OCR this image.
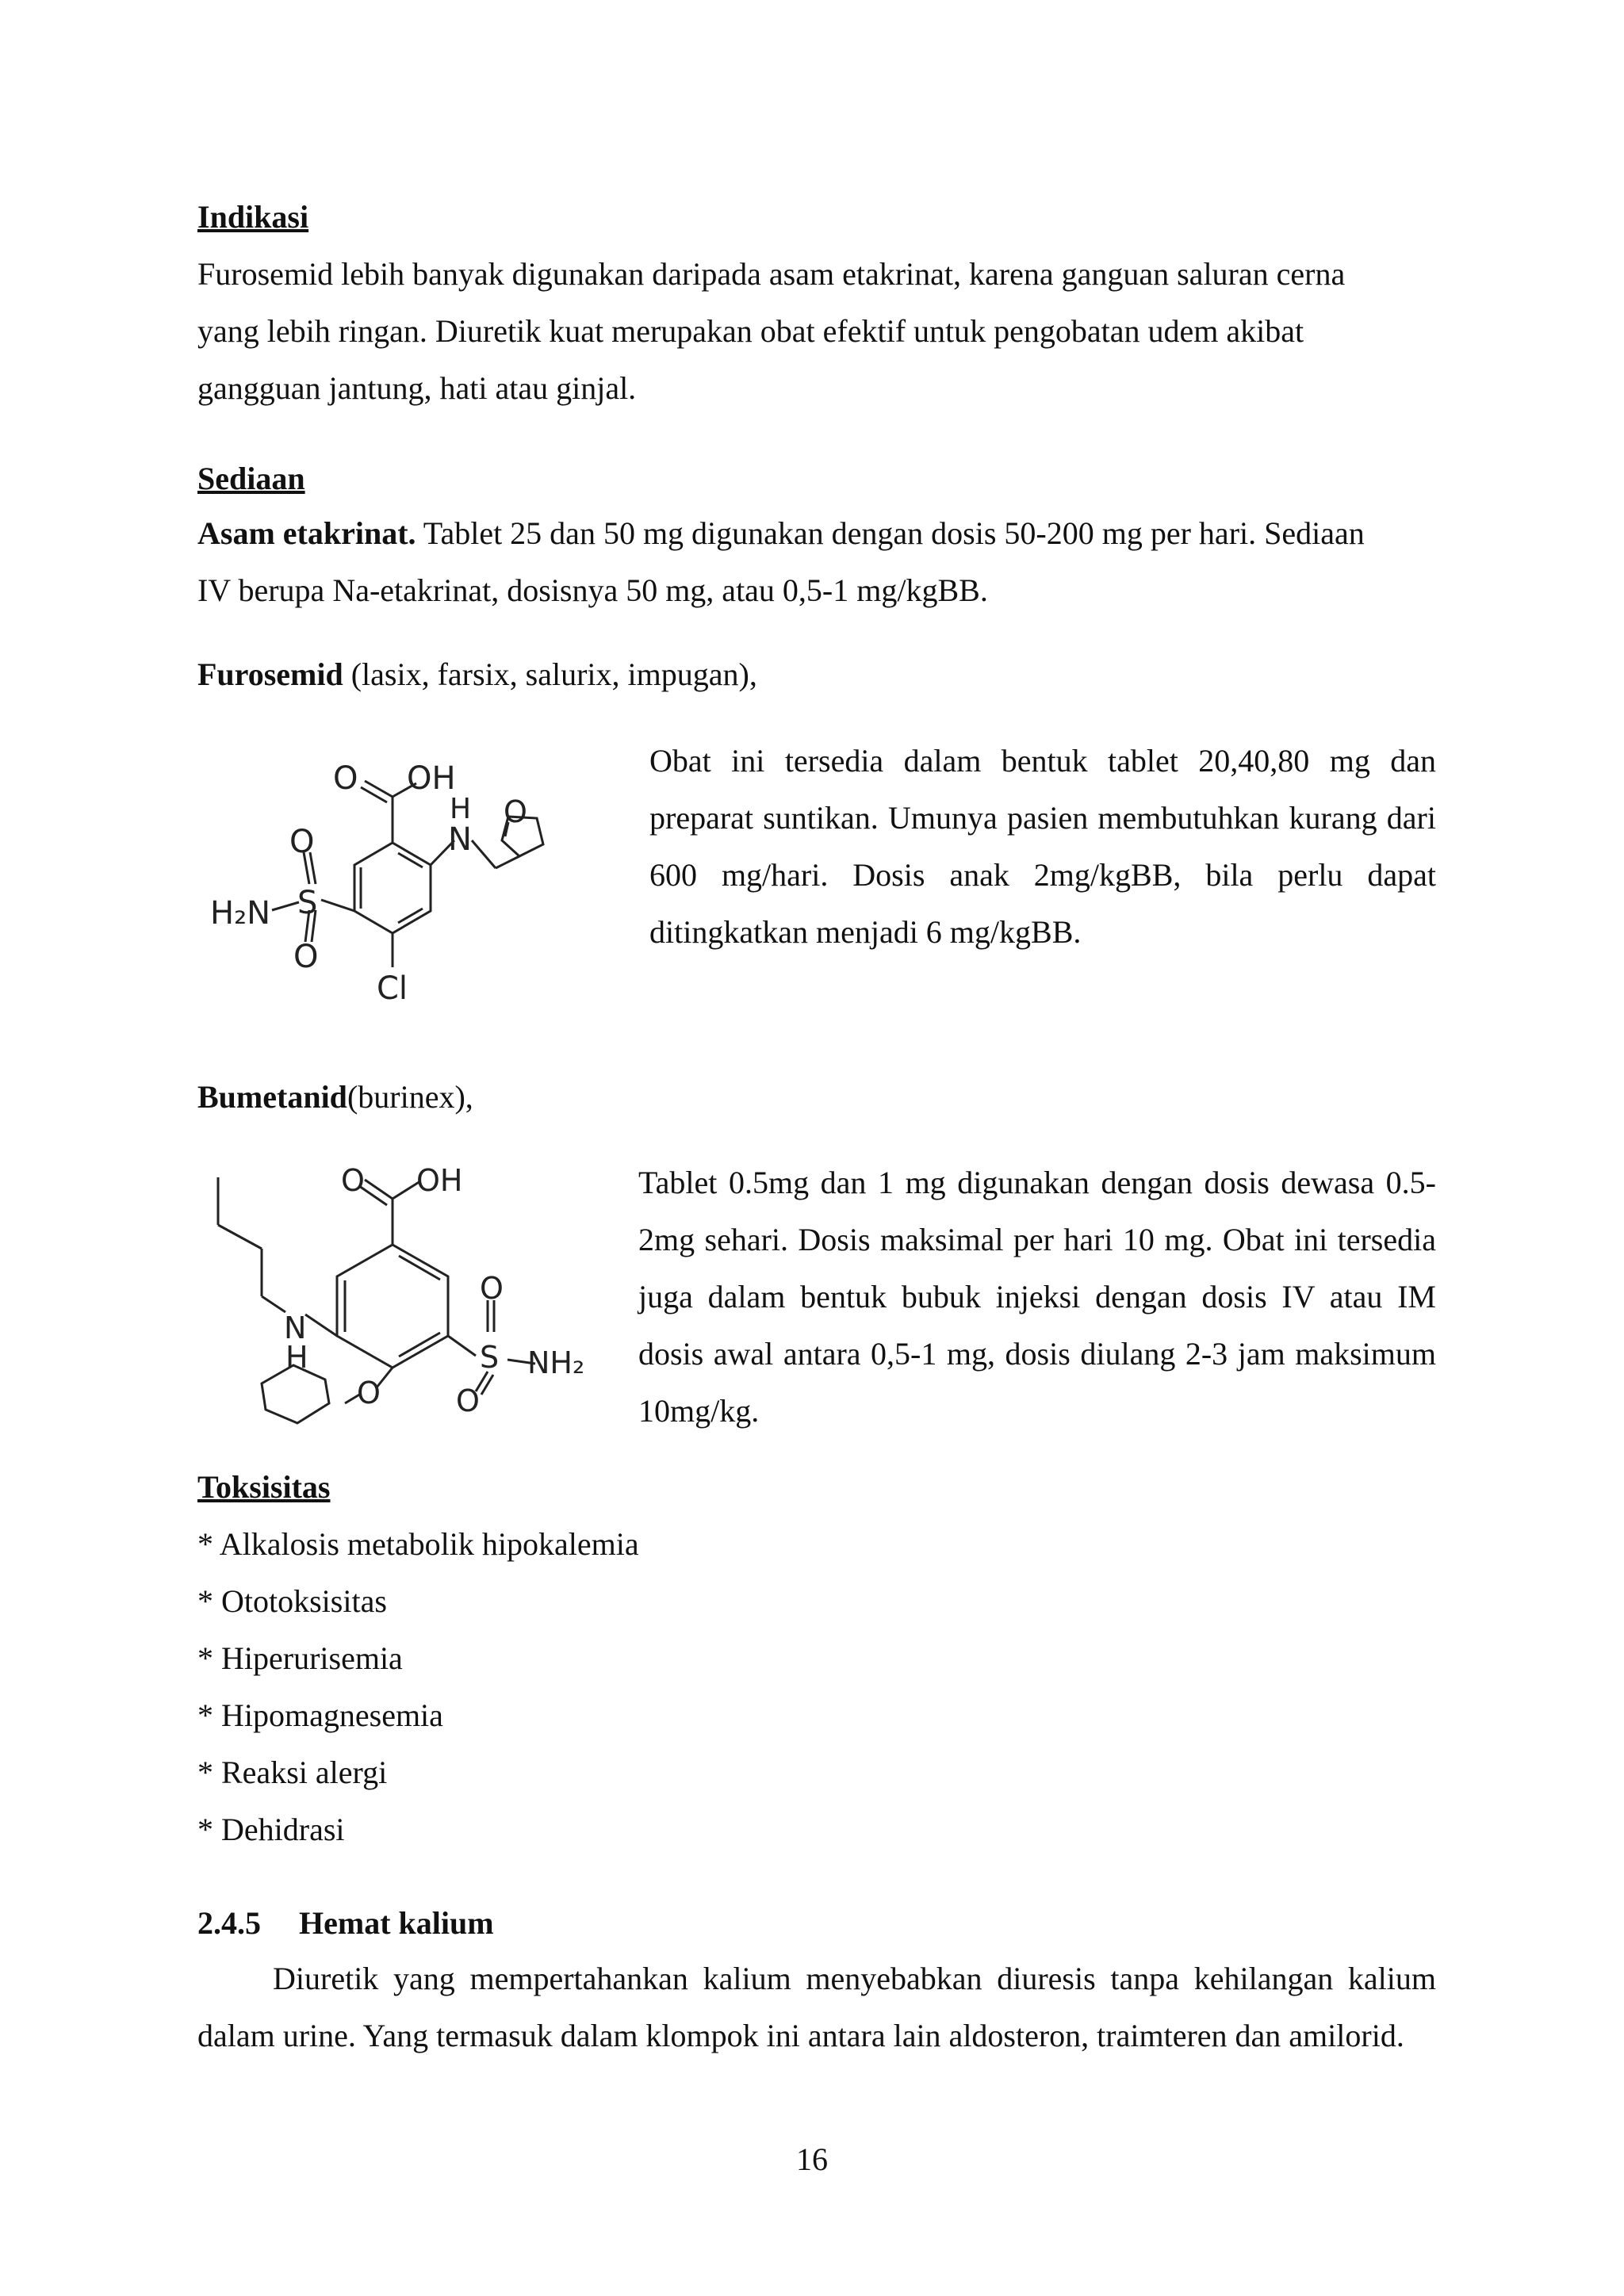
Indikasi
Furosemid lebih banyak digunakan daripada asam etakrinat, karena ganguan saluran cerna
yang lebih ringan. Diuretik kuat merupakan obat efektif untuk pengobatan udem akibat
gangguan jantung, hati atau ginjal.
Sediaan
Asam etakrinat. Tablet 25 dan 50 mg digunakan dengan dosis 50-200 mg per hari. Sediaan
IV berupa Na-etakrinat, dosisnya 50 mg, atau 0,5-1 mg/kgBB.
Furosemid (lasix, farsix, salurix, impugan),
O OH
H
N
O
O
S
O
H₂N
Cl

Obat ini tersedia dalam bentuk tablet 20,40,80 mg dan preparat suntikan. Umunya pasien membutuhkan kurang dari 600 mg/hari. Dosis anak 2mg/kgBB, bila perlu dapat ditingkatkan menjadi 6 mg/kgBB.

Bumetanid(burinex),
O OH
N
H
O
S
O
O
NH₂

Tablet 0.5mg dan 1 mg digunakan dengan dosis dewasa 0.5-2mg sehari. Dosis maksimal per hari 10 mg. Obat ini tersedia juga dalam bentuk bubuk injeksi dengan dosis IV atau IM dosis awal antara 0,5-1 mg, dosis diulang 2-3 jam maksimum 10mg/kg.

Toksisitas
* Alkalosis metabolik hipokalemia
* Ototoksisitas
* Hiperurisemia
* Hipomagnesemia
* Reaksi alergi
* Dehidrasi
2.4.5 Hemat kalium

Diuretik yang mempertahankan kalium menyebabkan diuresis tanpa kehilangan kalium dalam urine. Yang termasuk dalam klompok ini antara lain aldosteron, traimteren dan amilorid.

16
